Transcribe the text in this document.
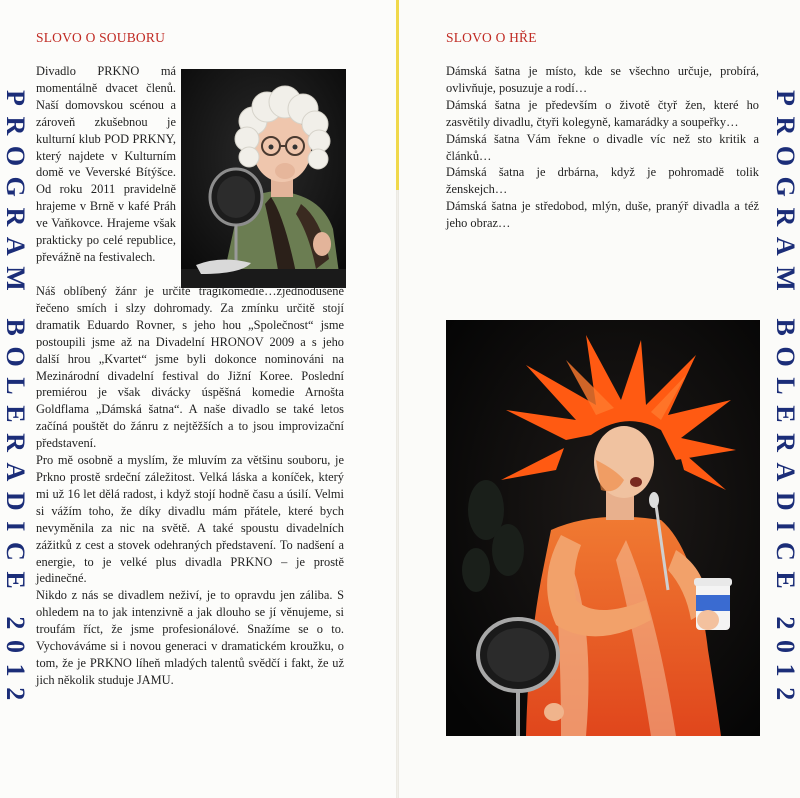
PROGRAM BOLERADICE 2012	PROGRAM BOLERADICE 2012
SLOVO O SOUBORU	SLOVO O HŘE
Divadlo PRKNO má momentálně dvacet členů. Naší domovskou scénou a zároveň zkušebnou je kulturní klub POD PRKNY, který najdete v Kulturním domě ve Veverské Bítýšce. Od roku 2011 pravidelně hrajeme v Brně v kafé Práh ve Vaňkovce. Hrajeme však prakticky po celé republice, převážně na festivalech.

Náš oblíbený žánr je určitě tragikomedie…zjednodušeně řečeno smích i slzy dohromady. Za zmínku určitě stojí dramatik Eduardo Rovner, s jeho hou „Společnost“ jsme postoupili jsme až na Divadelní HRONOV 2009 a s jeho další hrou „Kvartet“ jsme byli dokonce nominováni na Mezinárodní divadelní festival do Jižní Koree. Poslední premiérou je však divácky úspěšná komedie Arnošta Goldflama „Dámská šatna“. A naše divadlo se také letos začíná pouštět do žánru z nejtěžších a to jsou improvizační představení.

Pro mě osobně a myslím, že mluvím za většinu souboru, je Prkno prostě srdeční záležitost. Velká láska a koníček, který mi už 16 let dělá radost, i když stojí hodně času a úsilí. Velmi si vážím toho, že díky divadlu mám přátele, které bych nevyměnila za nic na světě. A také spoustu divadelních zážitků z cest a stovek odehraných představení. To nadšení a energie, to je velké plus divadla PRKNO – je prostě jedinečné.

Nikdo z nás se divadlem neživí, je to opravdu jen záliba. S ohledem na to jak intenzivně a jak dlouho se jí věnujeme, si troufám říct, že jsme profesionálové. Snažíme se o to. Vychováváme si i novou generaci v dramatickém kroužku, o tom, že je PRKNO líheň mladých talentů svědčí i fakt, že už jich několik studuje JAMU.

Dámská šatna je místo, kde se všechno určuje, probírá, ovlivňuje, posuzuje a rodí…

Dámská šatna je především o životě čtyř žen, které ho zasvětily divadlu, čtyři kolegyně, kamarádky a soupeřky…

Dámská šatna Vám řekne o divadle víc než sto kritik a článků…

Dámská šatna je drbárna, když je pohromadě tolik ženskejch…

Dámská šatna je středobod, mlýn, duše, pranýř divadla a též jeho obraz…
